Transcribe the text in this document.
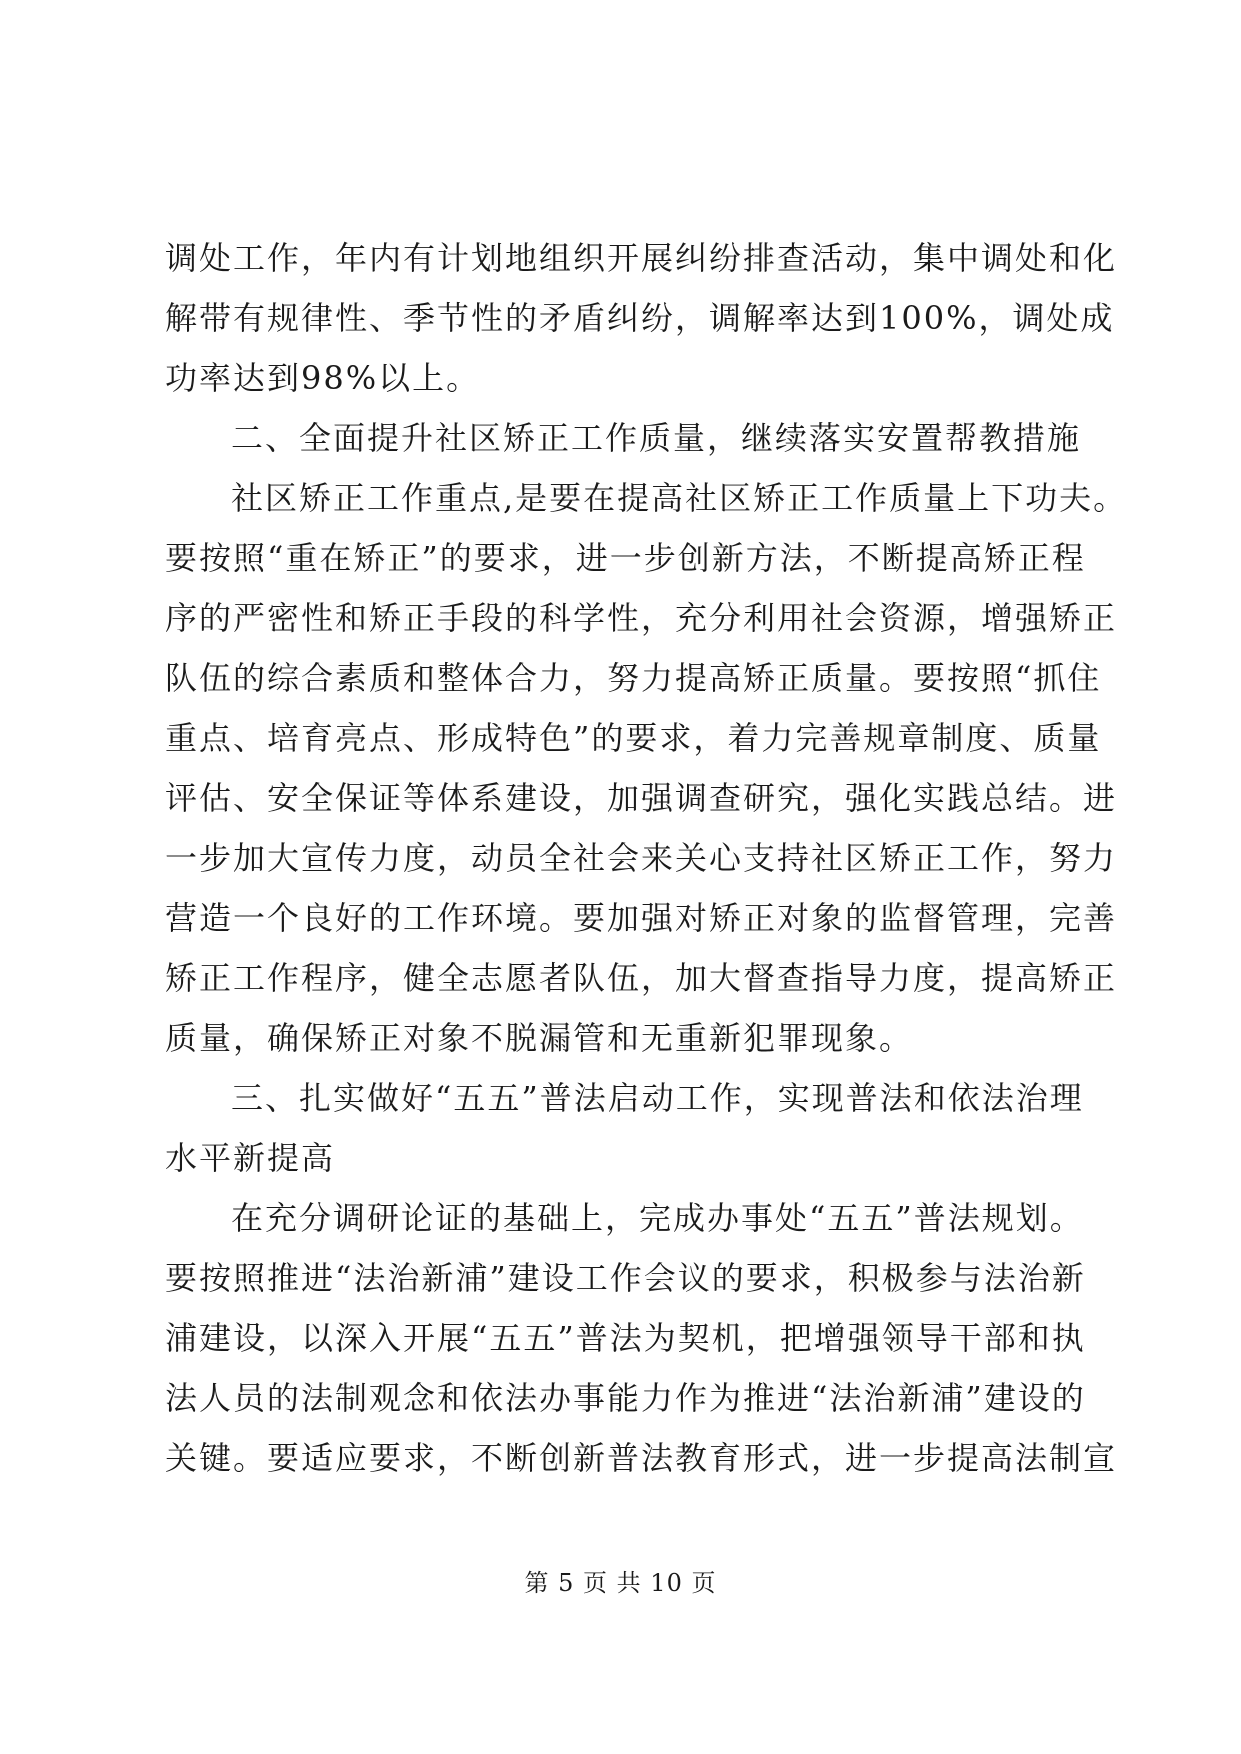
调处工作，年内有计划地组织开展纠纷排查活动，集中调处和化
解带有规律性、季节性的矛盾纠纷，调解率达到100%，调处成
功率达到98%以上。
二、全面提升社区矫正工作质量，继续落实安置帮教措施
社区矫正工作重点,是要在提高社区矫正工作质量上下功夫。
要按照“重在矫正”的要求，进一步创新方法，不断提高矫正程
序的严密性和矫正手段的科学性，充分利用社会资源，增强矫正
队伍的综合素质和整体合力，努力提高矫正质量。要按照“抓住
重点、培育亮点、形成特色”的要求，着力完善规章制度、质量
评估、安全保证等体系建设，加强调查研究，强化实践总结。进
一步加大宣传力度，动员全社会来关心支持社区矫正工作，努力
营造一个良好的工作环境。要加强对矫正对象的监督管理，完善
矫正工作程序，健全志愿者队伍，加大督查指导力度，提高矫正
质量，确保矫正对象不脱漏管和无重新犯罪现象。
三、扎实做好“五五”普法启动工作，实现普法和依法治理
水平新提高
在充分调研论证的基础上，完成办事处“五五”普法规划。
要按照推进“法治新浦”建设工作会议的要求，积极参与法治新
浦建设，以深入开展“五五”普法为契机，把增强领导干部和执
法人员的法制观念和依法办事能力作为推进“法治新浦”建设的
关键。要适应要求，不断创新普法教育形式，进一步提高法制宣
第 5 页 共 10 页
